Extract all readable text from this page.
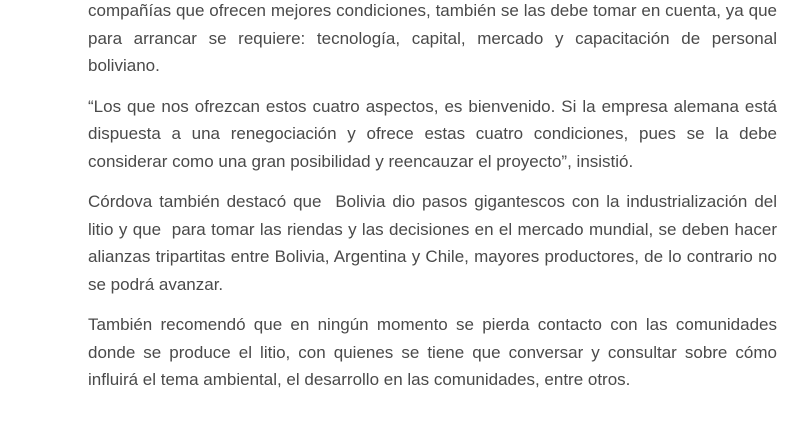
compañías que ofrecen mejores condiciones, también se las debe tomar en cuenta, ya que para arrancar se requiere: tecnología, capital, mercado y capacitación de personal boliviano.

“Los que nos ofrezcan estos cuatro aspectos, es bienvenido. Si la empresa alemana está dispuesta a una renegociación y ofrece estas cuatro condiciones, pues se la debe considerar como una gran posibilidad y reencauzar el proyecto”, insistió.

Córdova también destacó que  Bolivia dio pasos gigantescos con la industrialización del litio y que  para tomar las riendas y las decisiones en el mercado mundial, se deben hacer alianzas tripartitas entre Bolivia, Argentina y Chile, mayores productores, de lo contrario no se podrá avanzar.

También recomendó que en ningún momento se pierda contacto con las comunidades donde se produce el litio, con quienes se tiene que conversar y consultar sobre cómo influirá el tema ambiental, el desarrollo en las comunidades, entre otros.
